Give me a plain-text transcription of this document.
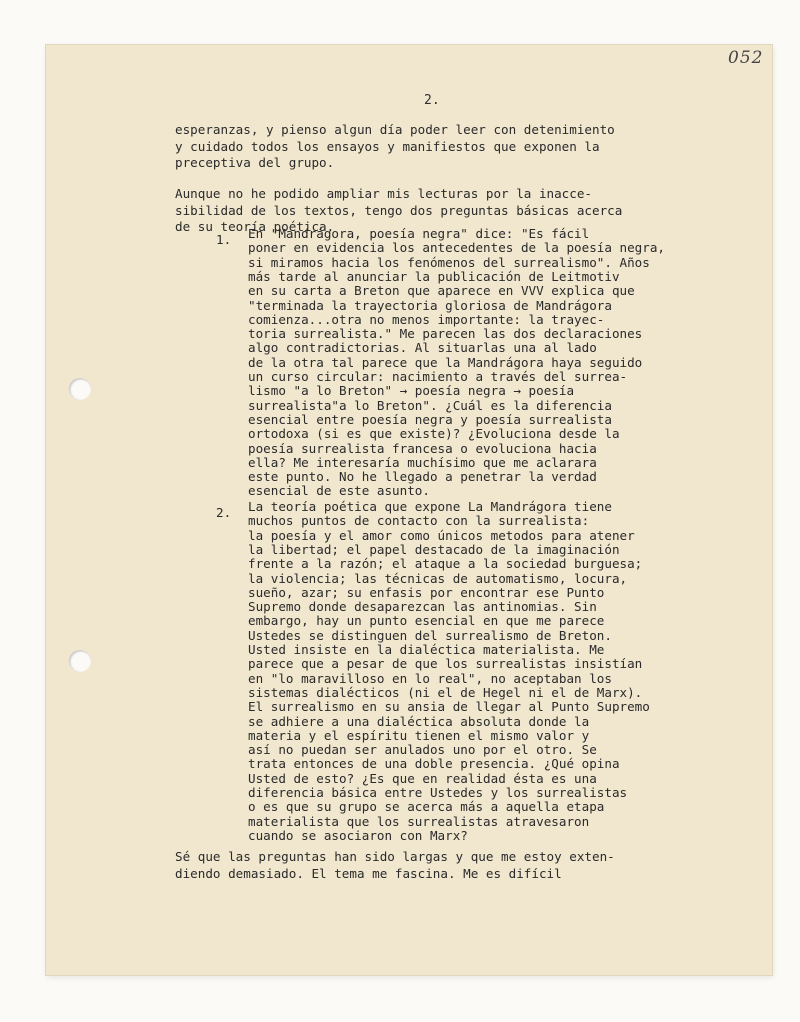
052
2.
esperanzas, y pienso algun día poder leer con detenimiento
y cuidado todos los ensayos y manifiestos que exponen la
preceptiva del grupo.
Aunque no he podido ampliar mis lecturas por la inacce-
sibilidad de los textos, tengo dos preguntas básicas acerca
de su teoría poética.
1. En "Mandrágora, poesía negra" dice: "Es fácil
poner en evidencia los antecedentes de la poesía negra,
si miramos hacia los fenómenos del surrealismo". Años
más tarde al anunciar la publicación de Leitmotiv
en su carta a Breton que aparece en VVV explica que
"terminada la trayectoria gloriosa de Mandrágora
comienza...otra no menos importante: la trayec-
toria surrealista." Me parecen las dos declaraciones
algo contradictorias. Al situarlas una al lado
de la otra tal parece que la Mandrágora haya seguido
un curso circular: nacimiento a través del surrea-
lismo "a lo Breton" → poesía negra → poesía
surrealista"a lo Breton". ¿Cuál es la diferencia
esencial entre poesía negra y poesía surrealista
ortodoxa (si es que existe)? ¿Evoluciona desde la
poesía surrealista francesa o evoluciona hacia
ella? Me interesaría muchísimo que me aclarara
este punto. No he llegado a penetrar la verdad
esencial de este asunto.
2. La teoría poética que expone La Mandrágora tiene
muchos puntos de contacto con la surrealista:
la poesía y el amor como únicos metodos para atener
la libertad; el papel destacado de la imaginación
frente a la razón; el ataque a la sociedad burguesa;
la violencia; las técnicas de automatismo, locura,
sueño, azar; su enfasis por encontrar ese Punto
Supremo donde desaparezcan las antinomias. Sin
embargo, hay un punto esencial en que me parece
Ustedes se distinguen del surrealismo de Breton.
Usted insiste en la dialéctica materialista. Me
parece que a pesar de que los surrealistas insistían
en "lo maravilloso en lo real", no aceptaban los
sistemas dialécticos (ni el de Hegel ni el de Marx).
El surrealismo en su ansia de llegar al Punto Supremo
se adhiere a una dialéctica absoluta donde la
materia y el espíritu tienen el mismo valor y
así no puedan ser anulados uno por el otro. Se
trata entonces de una doble presencia. ¿Qué opina
Usted de esto? ¿Es que en realidad ésta es una
diferencia básica entre Ustedes y los surrealistas
o es que su grupo se acerca más a aquella etapa
materialista que los surrealistas atravesaron
cuando se asociaron con Marx?
Sé que las preguntas han sido largas y que me estoy exten-
diendo demasiado. El tema me fascina. Me es difícil
